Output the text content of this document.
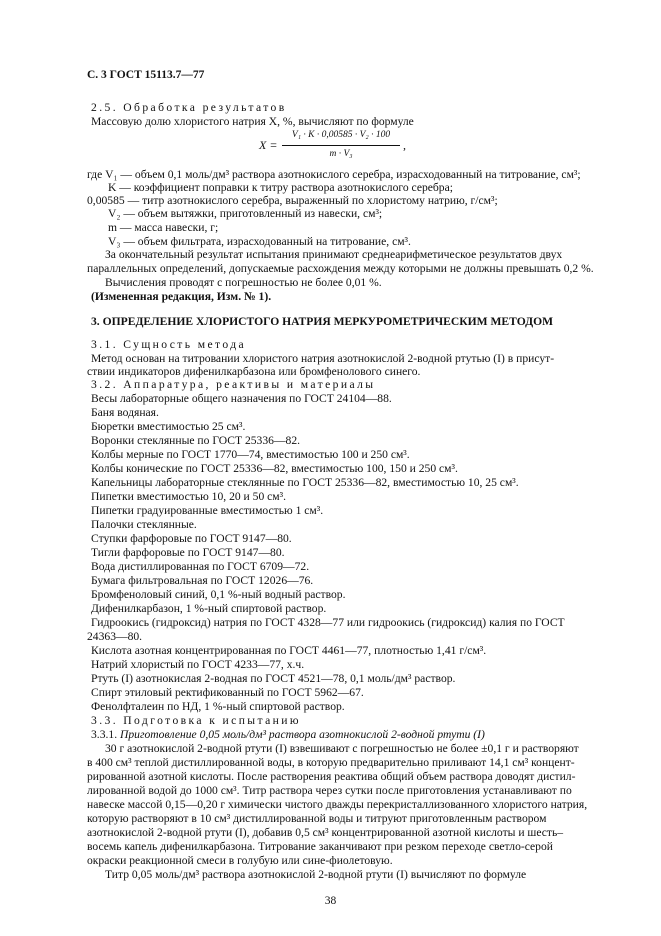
С. 3 ГОСТ 15113.7—77
2.5. Обработка результатов
Массовую долю хлористого натрия X, %, вычисляют по формуле
X =
V₁ · K · 0,00585 · V₂ · 100
m · V₃
,
где V₁ — объем 0,1 моль/дм³ раствора азотнокислого серебра, израсходованный на титрование, см³;
K — коэффициент поправки к титру раствора азотнокислого серебра;
0,00585 — титр азотнокислого серебра, выраженный по хлористому натрию, г/см³;
V₂ — объем вытяжки, приготовленный из навески, см³;
m — масса навески, г;
V₃ — объем фильтрата, израсходованный на титрование, см³.
За окончательный результат испытания принимают среднеарифметическое результатов двух
параллельных определений, допускаемые расхождения между которыми не должны превышать 0,2 %.
Вычисления проводят с погрешностью не более 0,01 %.
(Измененная редакция, Изм. № 1).
3. ОПРЕДЕЛЕНИЕ ХЛОРИСТОГО НАТРИЯ МЕРКУРОМЕТРИЧЕСКИМ МЕТОДОМ
3.1. Сущность метода
Метод основан на титровании хлористого натрия азотнокислой 2-водной ртутью (I) в присут-
ствии индикаторов дифенилкарбазона или бромфенолового синего.
3.2. Аппаратура, реактивы и материалы
Весы лабораторные общего назначения по ГОСТ 24104—88.
Баня водяная.
Бюретки вместимостью 25 см³.
Воронки стеклянные по ГОСТ 25336—82.
Колбы мерные по ГОСТ 1770—74, вместимостью 100 и 250 см³.
Колбы конические по ГОСТ 25336—82, вместимостью 100, 150 и 250 см³.
Капельницы лабораторные стеклянные по ГОСТ 25336—82, вместимостью 10, 25 см³.
Пипетки вместимостью 10, 20 и 50 см³.
Пипетки градуированные вместимостью 1 см³.
Палочки стеклянные.
Ступки фарфоровые по ГОСТ 9147—80.
Тигли фарфоровые по ГОСТ 9147—80.
Вода дистиллированная по ГОСТ 6709—72.
Бумага фильтровальная по ГОСТ 12026—76.
Бромфеноловый синий, 0,1 %-ный водный раствор.
Дифенилкарбазон, 1 %-ный спиртовой раствор.
Гидроокись (гидроксид) натрия по ГОСТ 4328—77 или гидроокись (гидроксид) калия по ГОСТ
24363—80.
Кислота азотная концентрированная по ГОСТ 4461—77, плотностью 1,41 г/см³.
Натрий хлористый по ГОСТ 4233—77, х.ч.
Ртуть (I) азотнокислая 2-водная по ГОСТ 4521—78, 0,1 моль/дм³ раствор.
Спирт этиловый ректификованный по ГОСТ 5962—67.
Фенолфталеин по НД, 1 %-ный спиртовой раствор.
3.3. Подготовка к испытанию
3.3.1. Приготовление 0,05 моль/дм³ раствора азотнокислой 2-водной ртути (I)
30 г азотнокислой 2-водной ртути (I) взвешивают с погрешностью не более ±0,1 г и растворяют
в 400 см³ теплой дистиллированной воды, в которую предварительно приливают 14,1 см³ концент-
рированной азотной кислоты. После растворения реактива общий объем раствора доводят дистил-
лированной водой до 1000 см³. Титр раствора через сутки после приготовления устанавливают по
навеске массой 0,15—0,20 г химически чистого дважды перекристаллизованного хлористого натрия,
которую растворяют в 10 см³ дистиллированной воды и титруют приготовленным раствором
азотнокислой 2-водной ртути (I), добавив 0,5 см³ концентрированной азотной кислоты и шесть–
восемь капель дифенилкарбазона. Титрование заканчивают при резком переходе светло-серой
окраски реакционной смеси в голубую или сине-фиолетовую.
Титр 0,05 моль/дм³ раствора азотнокислой 2-водной ртути (I) вычисляют по формуле
38
